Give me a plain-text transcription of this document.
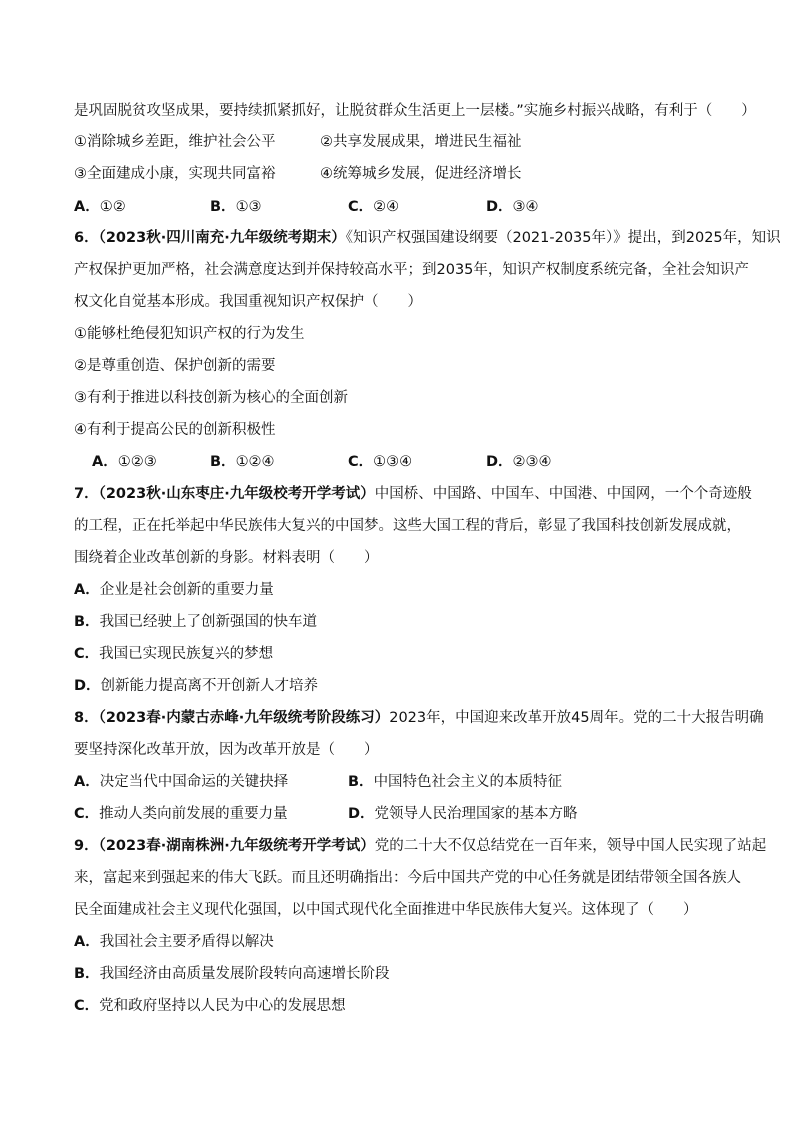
是巩固脱贫攻坚成果，要持续抓紧抓好，让脱贫群众生活更上一层楼。”实施乡村振兴战略，有利于（　　）
①消除城乡差距，维护社会公平	②共享发展成果，增进民生福祉
③全面建成小康，实现共同富裕	④统筹城乡发展，促进经济增长
A．①②	B．①③	C．②④	D．③④
6．（2023秋·四川南充·九年级统考期末）《知识产权强国建设纲要（2021-2035年）》提出，到2025年，知识
产权保护更加严格，社会满意度达到并保持较高水平；到2035年，知识产权制度系统完备，全社会知识产
权文化自觉基本形成。我国重视知识产权保护（　　）
①能够杜绝侵犯知识产权的行为发生
②是尊重创造、保护创新的需要
③有利于推进以科技创新为核心的全面创新
④有利于提高公民的创新积极性
A．①②③	B．①②④	C．①③④	D．②③④
7．（2023秋·山东枣庄·九年级校考开学考试）中国桥、中国路、中国车、中国港、中国网，一个个奇迹般
的工程，正在托举起中华民族伟大复兴的中国梦。这些大国工程的背后，彰显了我国科技创新发展成就，
围绕着企业改革创新的身影。材料表明（　　）
A．企业是社会创新的重要力量
B．我国已经驶上了创新强国的快车道
C．我国已实现民族复兴的梦想
D．创新能力提高离不开创新人才培养
8．（2023春·内蒙古赤峰·九年级统考阶段练习）2023年，中国迎来改革开放45周年。党的二十大报告明确
要坚持深化改革开放，因为改革开放是（　　）
A．决定当代中国命运的关键抉择	B．中国特色社会主义的本质特征
C．推动人类向前发展的重要力量	D．党领导人民治理国家的基本方略
9．（2023春·湖南株洲·九年级统考开学考试）党的二十大不仅总结党在一百年来，领导中国人民实现了站起
来，富起来到强起来的伟大飞跃。而且还明确指出：今后中国共产党的中心任务就是团结带领全国各族人
民全面建成社会主义现代化强国，以中国式现代化全面推进中华民族伟大复兴。这体现了（　　）
A．我国社会主要矛盾得以解决
B．我国经济由高质量发展阶段转向高速增长阶段
C．党和政府坚持以人民为中心的发展思想
